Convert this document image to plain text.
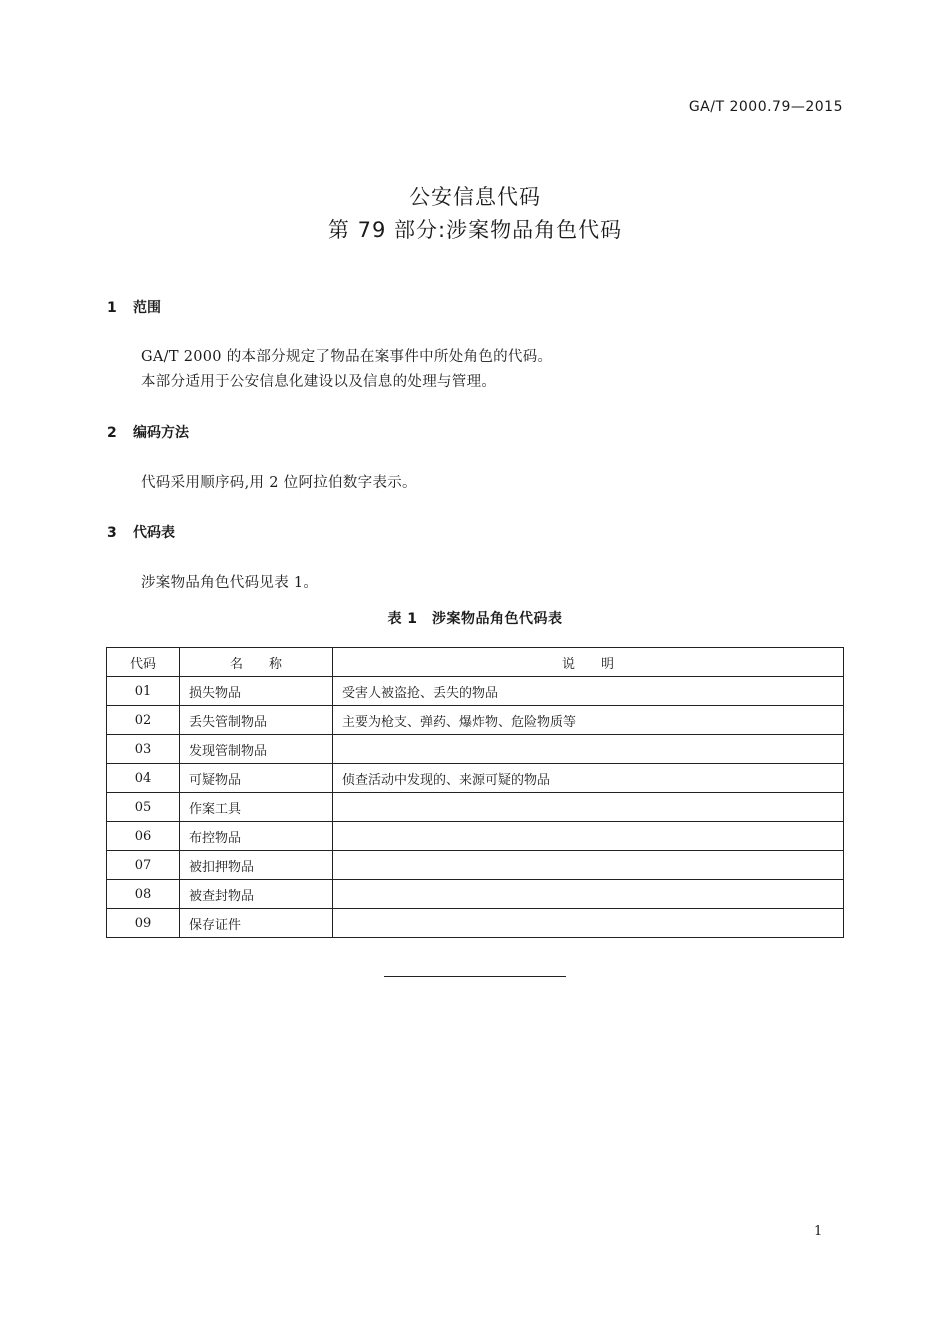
GA/T 2000.79—2015
公安信息代码
第 79 部分:涉案物品角色代码
1 范围
GA/T 2000 的本部分规定了物品在案事件中所处角色的代码。
本部分适用于公安信息化建设以及信息的处理与管理。
2 编码方法
代码采用顺序码,用 2 位阿拉伯数字表示。
3 代码表
涉案物品角色代码见表 1。
表 1　涉案物品角色代码表
代码	名　　称	说　　明
01	损失物品	受害人被盗抢、丢失的物品
02	丢失管制物品	主要为枪支、弹药、爆炸物、危险物质等
03	发现管制物品	
04	可疑物品	侦查活动中发现的、来源可疑的物品
05	作案工具	
06	布控物品	
07	被扣押物品	
08	被查封物品	
09	保存证件	
1
